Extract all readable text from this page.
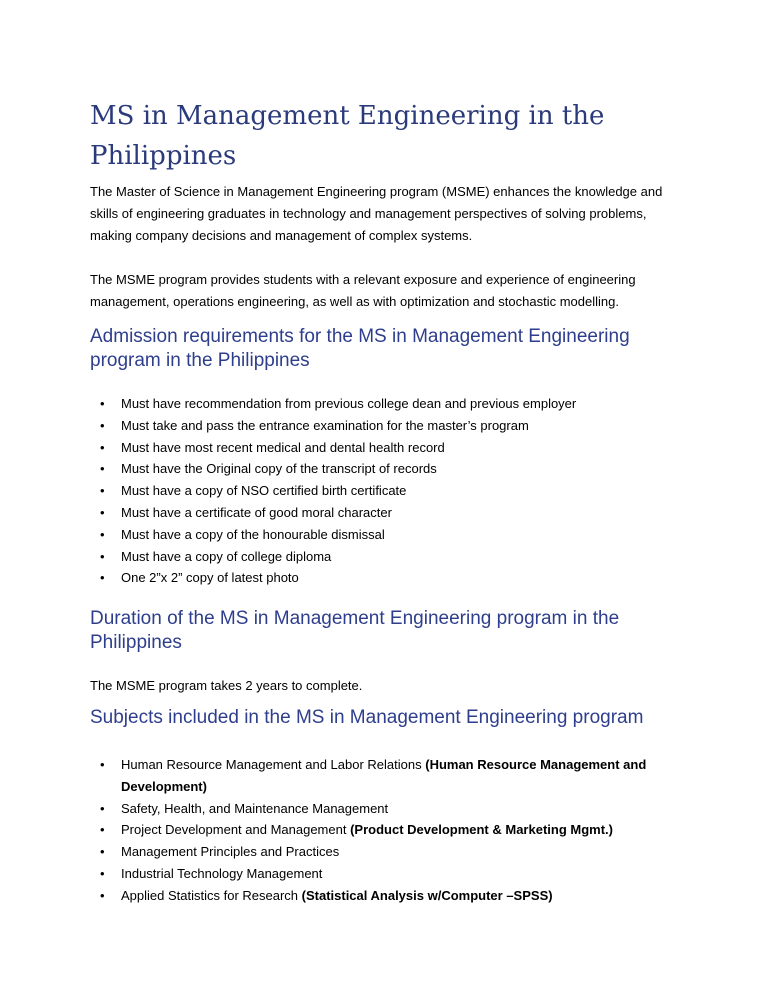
MS in Management Engineering in the Philippines

The Master of Science in Management Engineering program (MSME) enhances the knowledge and skills of engineering graduates in technology and management perspectives of solving problems, making company decisions and management of complex systems.

The MSME program provides students with a relevant exposure and experience of engineering management, operations engineering, as well as with optimization and stochastic modelling.

Admission requirements for the MS in Management Engineering program in the Philippines
• Must have recommendation from previous college dean and previous employer
• Must take and pass the entrance examination for the master’s program
• Must have most recent medical and dental health record
• Must have the Original copy of the transcript of records
• Must have a copy of NSO certified birth certificate
• Must have a certificate of good moral character
• Must have a copy of the honourable dismissal
• Must have a copy of college diploma
• One 2”x 2” copy of latest photo
Duration of the MS in Management Engineering program in the Philippines

The MSME program takes 2 years to complete.

Subjects included in the MS in Management Engineering program
• Human Resource Management and Labor Relations (Human Resource Management and Development)
• Safety, Health, and Maintenance Management
• Project Development and Management (Product Development & Marketing Mgmt.)
• Management Principles and Practices
• Industrial Technology Management
• Applied Statistics for Research (Statistical Analysis w/Computer –SPSS)
